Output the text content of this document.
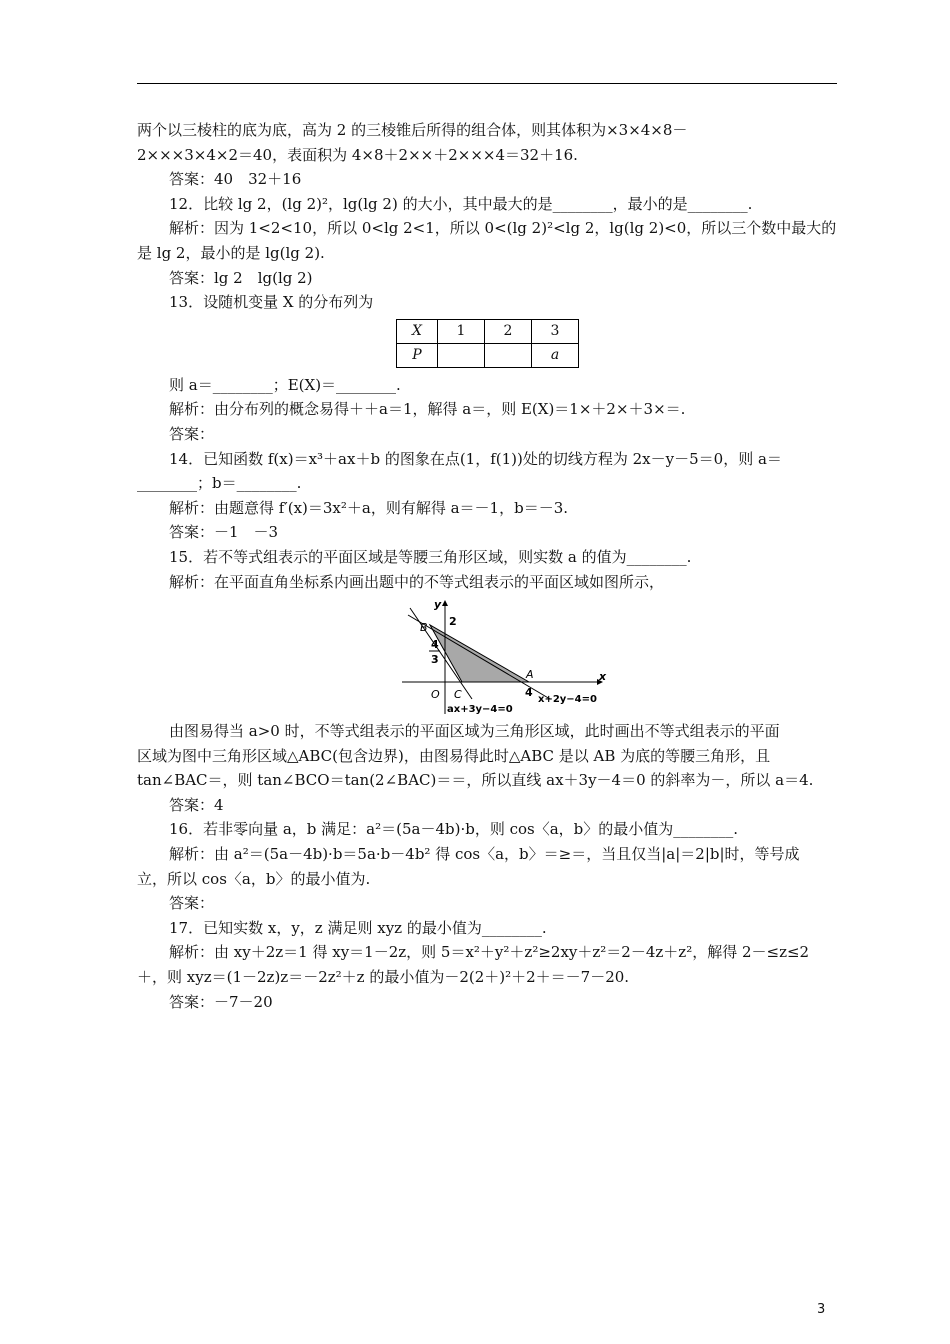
两个以三棱柱的底为底，高为 2 的三棱锥后所得的组合体，则其体积为×3×4×8－
2×××3×4×2＝40，表面积为 4×8＋2××＋2×××4＝32＋16.
答案：40　32＋16
12．比较 lg 2，(lg 2)²，lg(lg 2) 的大小，其中最大的是________，最小的是________.
解析：因为 1<2<10，所以 0<lg 2<1，所以 0<(lg 2)²<lg 2，lg(lg 2)<0，所以三个数中最大的
是 lg 2，最小的是 lg(lg 2).
答案：lg 2　lg(lg 2)
13．设随机变量 X 的分布列为
X	1	2	3
P			a
则 a＝________；E(X)＝________.
解析：由分布列的概念易得＋＋a＝1，解得 a＝，则 E(X)＝1×＋2×＋3×＝.
答案：
14．已知函数 f(x)＝x³＋ax＋b 的图象在点(1，f(1))处的切线方程为 2x－y－5＝0，则 a＝
________；b＝________.
解析：由题意得 f′(x)＝3x²＋a，则有解得 a＝－1，b＝－3.
答案：－1　－3
15．若不等式组表示的平面区域是等腰三角形区域，则实数 a 的值为________.
解析：在平面直角坐标系内画出题中的不等式组表示的平面区域如图所示，
y
x
O
B
C
A
2
4
4
3
ax+3y−4=0
x+2y−4=0
由图易得当 a>0 时，不等式组表示的平面区域为三角形区域，此时画出不等式组表示的平面
区域为图中三角形区域△ABC(包含边界)，由图易得此时△ABC 是以 AB 为底的等腰三角形，且
tan∠BAC＝，则 tan∠BCO＝tan(2∠BAC)＝＝，所以直线 ax＋3y－4＝0 的斜率为－，所以 a＝4.
答案：4
16．若非零向量 a，b 满足：a²＝(5a－4b)·b，则 cos〈a，b〉的最小值为________.
解析：由 a²＝(5a－4b)·b＝5a·b－4b² 得 cos〈a，b〉＝≥＝，当且仅当|a|＝2|b|时，等号成
立，所以 cos〈a，b〉的最小值为.
答案：
17．已知实数 x，y，z 满足则 xyz 的最小值为________.
解析：由 xy＋2z＝1 得 xy＝1－2z，则 5＝x²＋y²＋z²≥2xy＋z²＝2－4z＋z²，解得 2－≤z≤2
＋，则 xyz＝(1－2z)z＝－2z²＋z 的最小值为－2(2＋)²＋2＋＝－7－20.
答案：－7－20
3
